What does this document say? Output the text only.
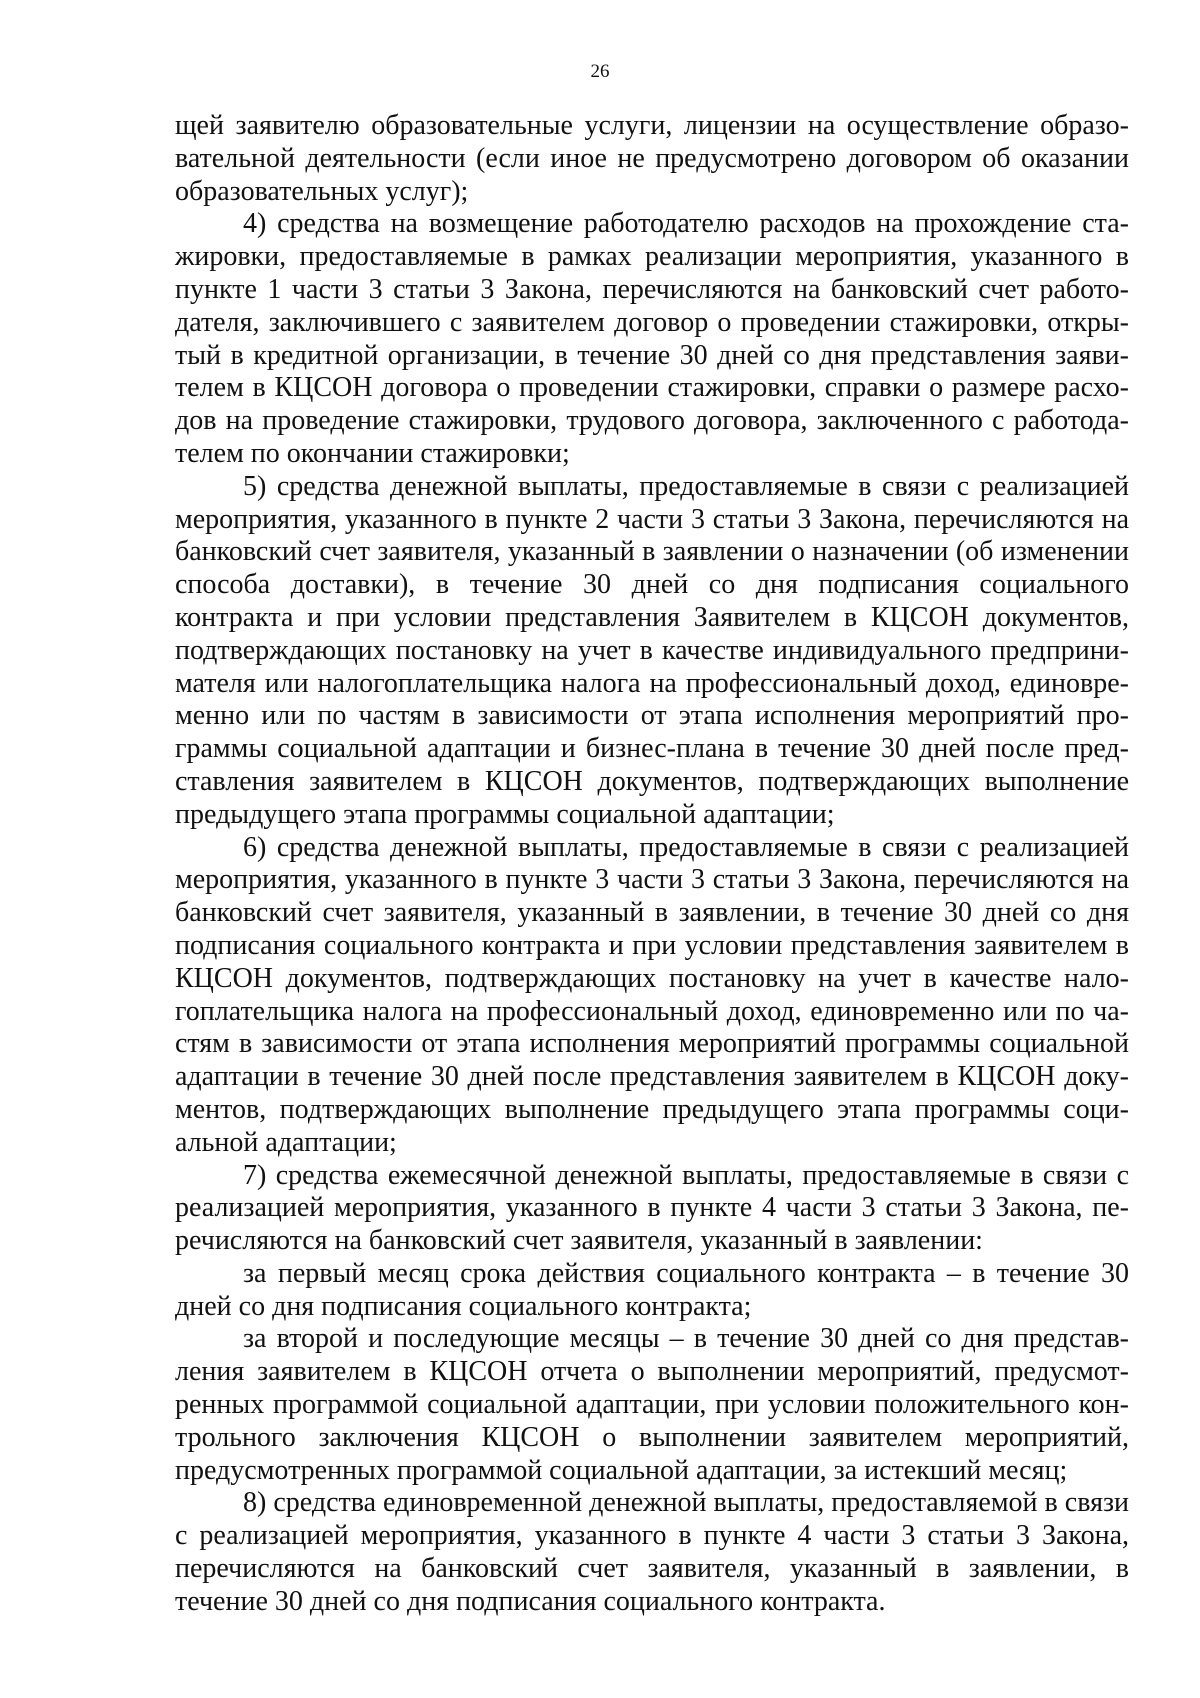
26

щей заявителю образовательные услуги, лицензии на осуществление образовательной деятельности (если иное не предусмотрено договором об оказании образовательных услуг);

4) средства на возмещение работодателю расходов на прохождение стажировки, предоставляемые в рамках реализации мероприятия, указанного в пункте 1 части 3 статьи 3 Закона, перечисляются на банковский счет работодателя, заключившего с заявителем договор о проведении стажировки, открытый в кредитной организации, в течение 30 дней со дня представления заявителем в КЦСОН договора о проведении стажировки, справки о размере расходов на проведение стажировки, трудового договора, заключенного с работодателем по окончании стажировки;

5) средства денежной выплаты, предоставляемые в связи с реализацией мероприятия, указанного в пункте 2 части 3 статьи 3 Закона, перечисляются на банковский счет заявителя, указанный в заявлении о назначении (об изменении способа доставки), в течение 30 дней со дня подписания социального контракта и при условии представления Заявителем в КЦСОН документов, подтверждающих постановку на учет в качестве индивидуального предпринимателя или налогоплательщика налога на профессиональный доход, единовременно или по частям в зависимости от этапа исполнения мероприятий программы социальной адаптации и бизнес-плана в течение 30 дней после представления заявителем в КЦСОН документов, подтверждающих выполнение предыдущего этапа программы социальной адаптации;

6) средства денежной выплаты, предоставляемые в связи с реализацией мероприятия, указанного в пункте 3 части 3 статьи 3 Закона, перечисляются на банковский счет заявителя, указанный в заявлении, в течение 30 дней со дня подписания социального контракта и при условии представления заявителем в КЦСОН документов, подтверждающих постановку на учет в качестве налогоплательщика налога на профессиональный доход, единовременно или по частям в зависимости от этапа исполнения мероприятий программы социальной адаптации в течение 30 дней после представления заявителем в КЦСОН документов, подтверждающих выполнение предыдущего этапа программы социальной адаптации;

7) средства ежемесячной денежной выплаты, предоставляемые в связи с реализацией мероприятия, указанного в пункте 4 части 3 статьи 3 Закона, перечисляются на банковский счет заявителя, указанный в заявлении:

за первый месяц срока действия социального контракта – в течение 30 дней со дня подписания социального контракта;

за второй и последующие месяцы – в течение 30 дней со дня представления заявителем в КЦСОН отчета о выполнении мероприятий, предусмотренных программой социальной адаптации, при условии положительного контрольного заключения КЦСОН о выполнении заявителем мероприятий, предусмотренных программой социальной адаптации, за истекший месяц;

8) средства единовременной денежной выплаты, предоставляемой в связи с реализацией мероприятия, указанного в пункте 4 части 3 статьи 3 Закона, перечисляются на банковский счет заявителя, указанный в заявлении, в течение 30 дней со дня подписания социального контракта.
